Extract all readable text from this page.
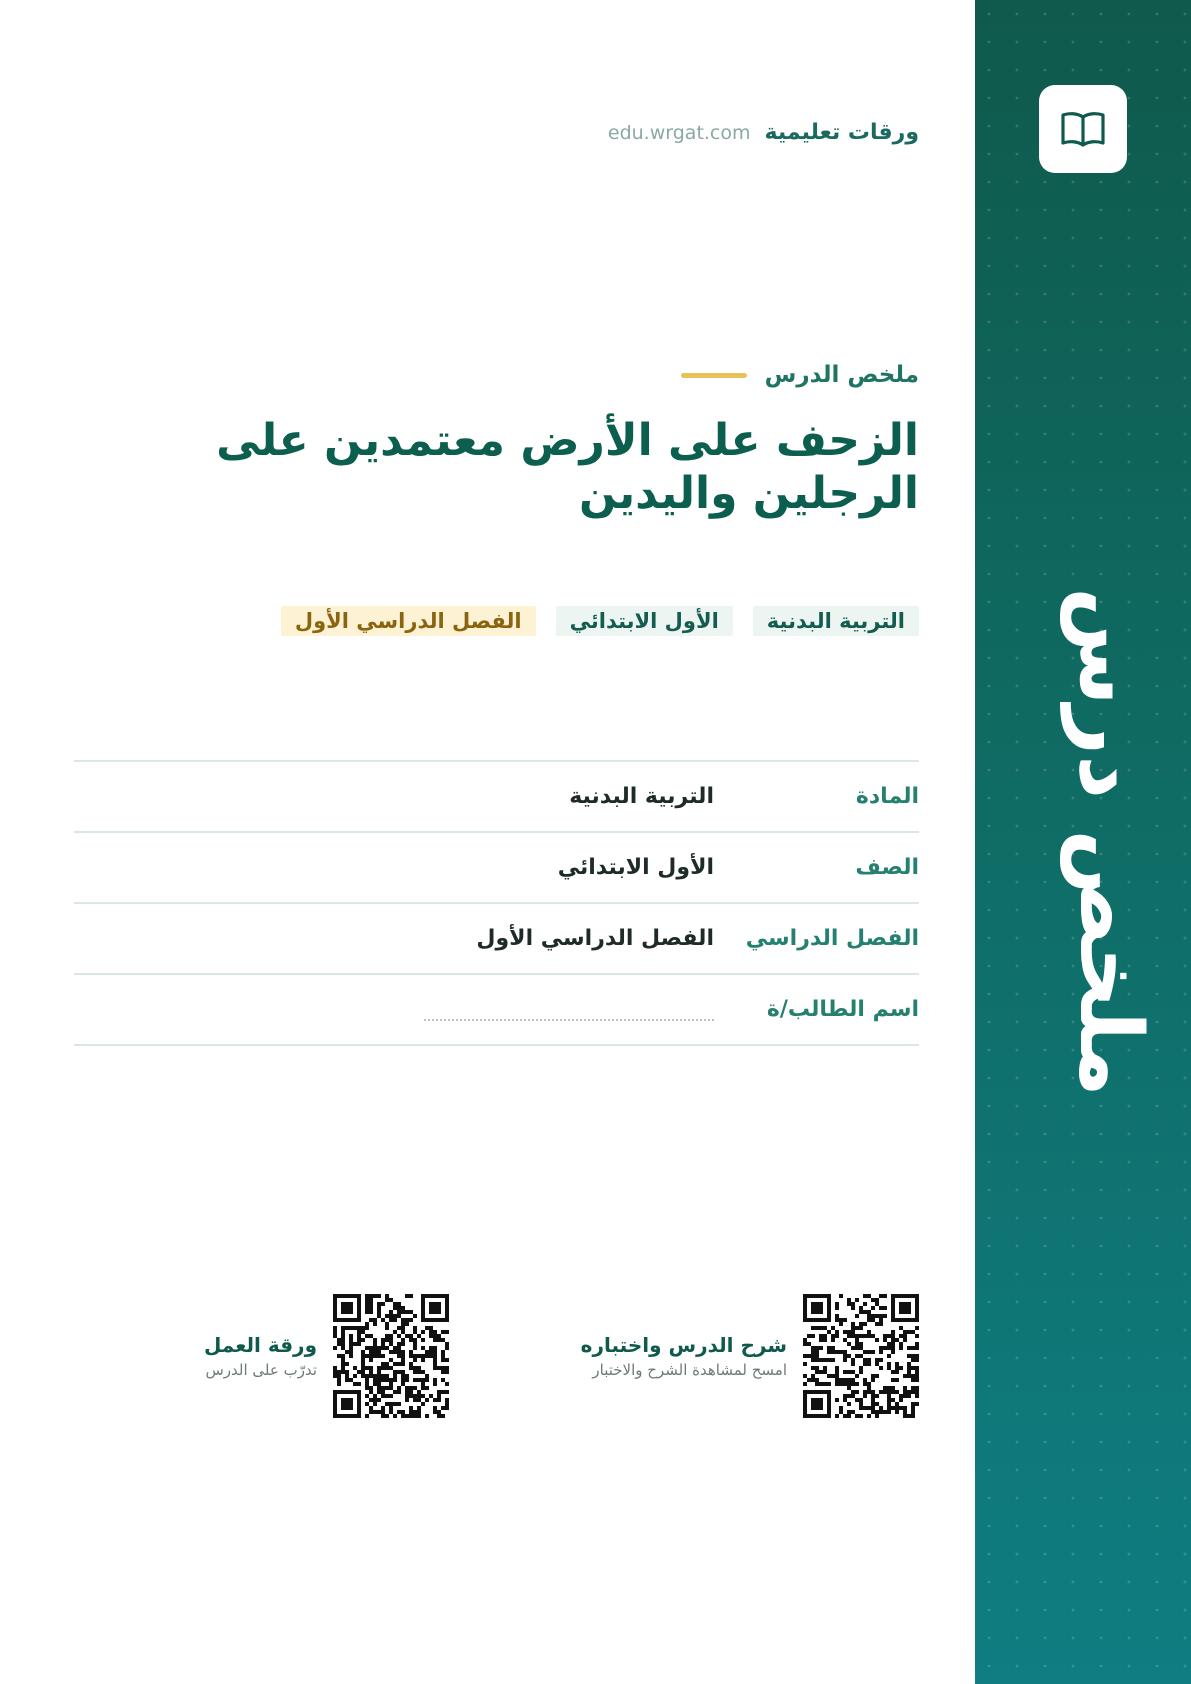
ملخص درس
ورقات تعليمية
edu.wrgat.com
ملخص الدرس
الزحف على الأرض معتمدين على الرجلين واليدين
التربية البدنية
الأول الابتدائي
الفصل الدراسي الأول
المادة
التربية البدنية
الصف
الأول الابتدائي
الفصل الدراسي
الفصل الدراسي الأول
اسم الطالب/ة
شرح الدرس واختباره
امسح لمشاهدة الشرح والاختبار
ورقة العمل
تدرّب على الدرس
